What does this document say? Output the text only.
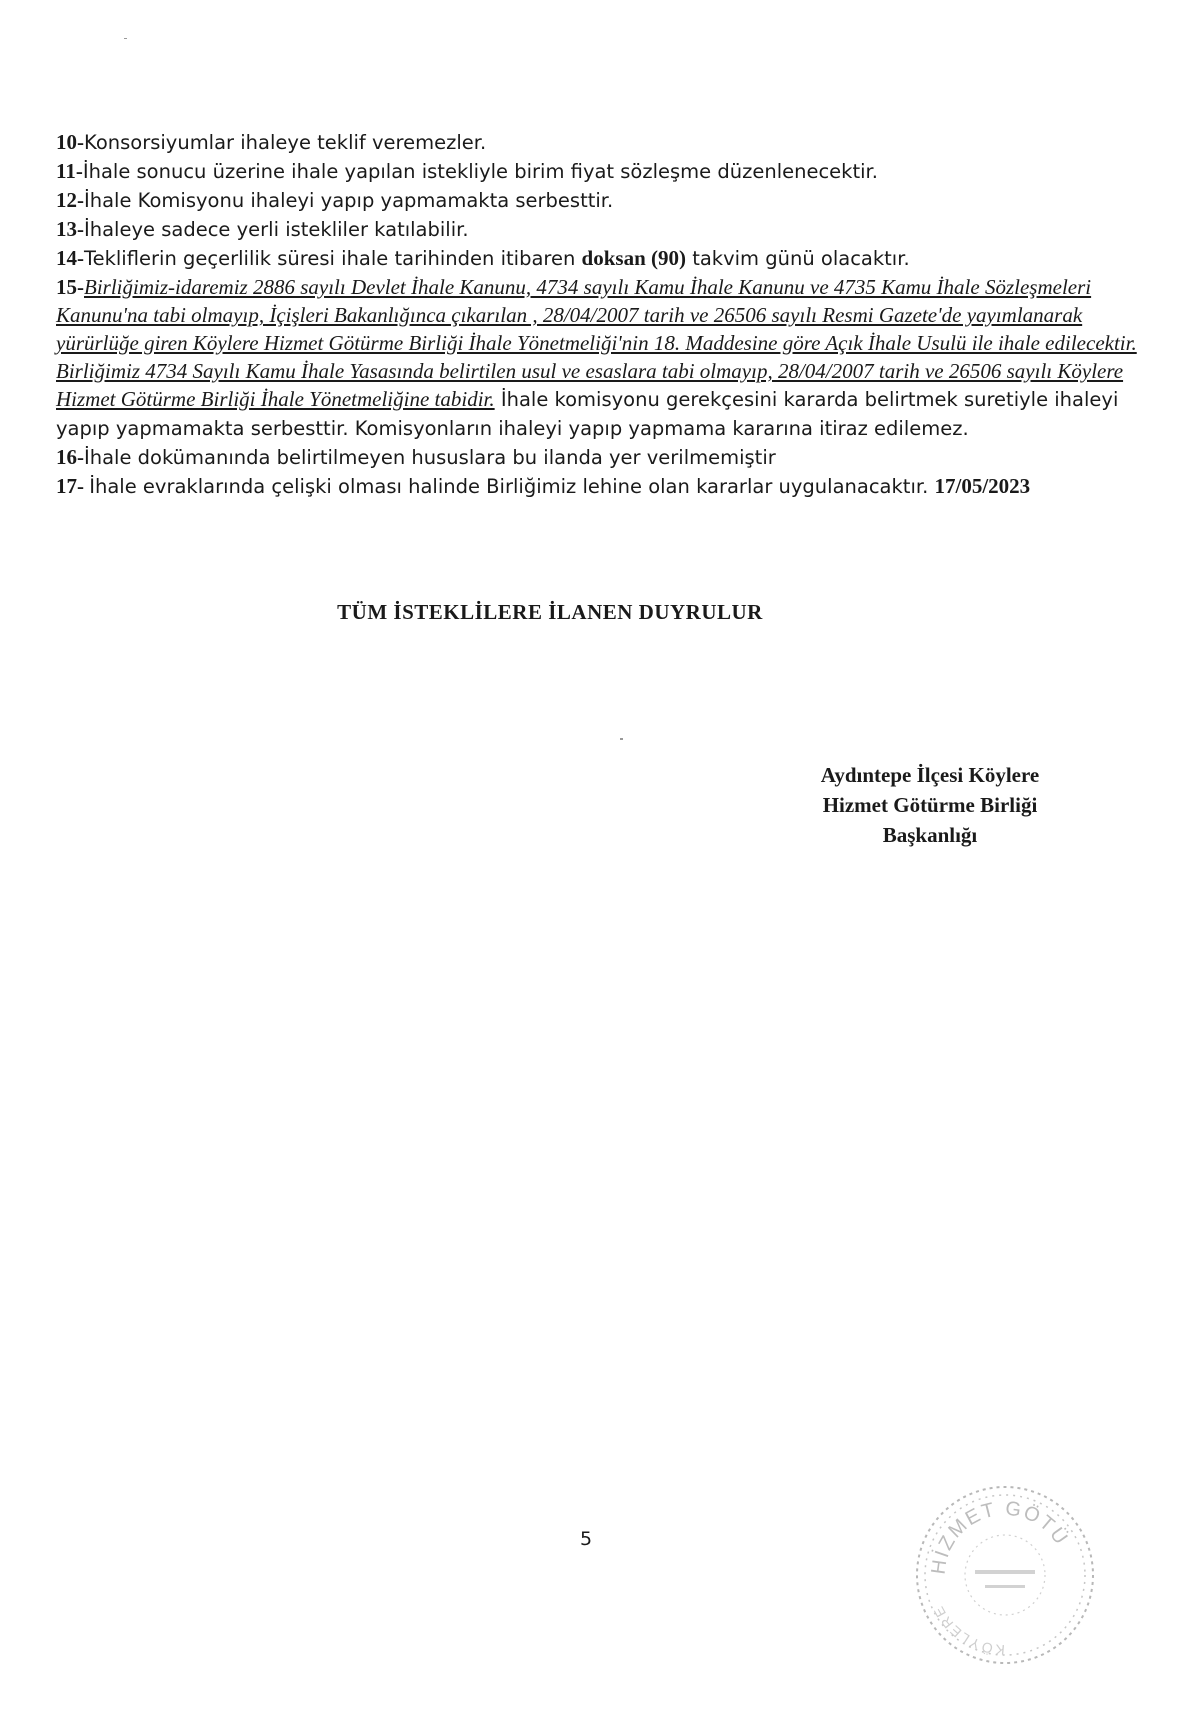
10-Konsorsiyumlar ihaleye teklif veremezler.

11-İhale sonucu üzerine ihale yapılan istekliyle birim fiyat sözleşme düzenlenecektir.

12-İhale Komisyonu ihaleyi yapıp yapmamakta serbesttir.

13-İhaleye sadece yerli istekliler katılabilir.

14-Tekliflerin geçerlilik süresi ihale tarihinden itibaren doksan (90) takvim günü olacaktır.

15-Birliğimiz-idaremiz 2886 sayılı Devlet İhale Kanunu, 4734 sayılı Kamu İhale Kanunu ve 4735 Kamu İhale Sözleşmeleri Kanunu'na tabi olmayıp, İçişleri Bakanlığınca çıkarılan , 28/04/2007 tarih ve 26506 sayılı Resmi Gazete'de yayımlanarak yürürlüğe giren Köylere Hizmet Götürme Birliği İhale Yönetmeliği'nin 18. Maddesine göre Açık İhale Usulü ile ihale edilecektir. Birliğimiz 4734 Sayılı Kamu İhale Yasasında belirtilen usul ve esaslara tabi olmayıp, 28/04/2007 tarih ve 26506 sayılı Köylere Hizmet Götürme Birliği İhale Yönetmeliğine tabidir. İhale komisyonu gerekçesini kararda belirtmek suretiyle ihaleyi yapıp yapmamakta serbesttir. Komisyonların ihaleyi yapıp yapmama kararına itiraz edilemez.

16-İhale dokümanında belirtilmeyen hususlara bu ilanda yer verilmemiştir

17- İhale evraklarında çelişki olması halinde Birliğimiz lehine olan kararlar uygulanacaktır. 17/05/2023

TÜM İSTEKLİLERE İLANEN DUYRULUR
Aydıntepe İlçesi Köylere
Hizmet Götürme Birliği
Başkanlığı
5
HİZMET GÖTÜ
KÖYLERE
